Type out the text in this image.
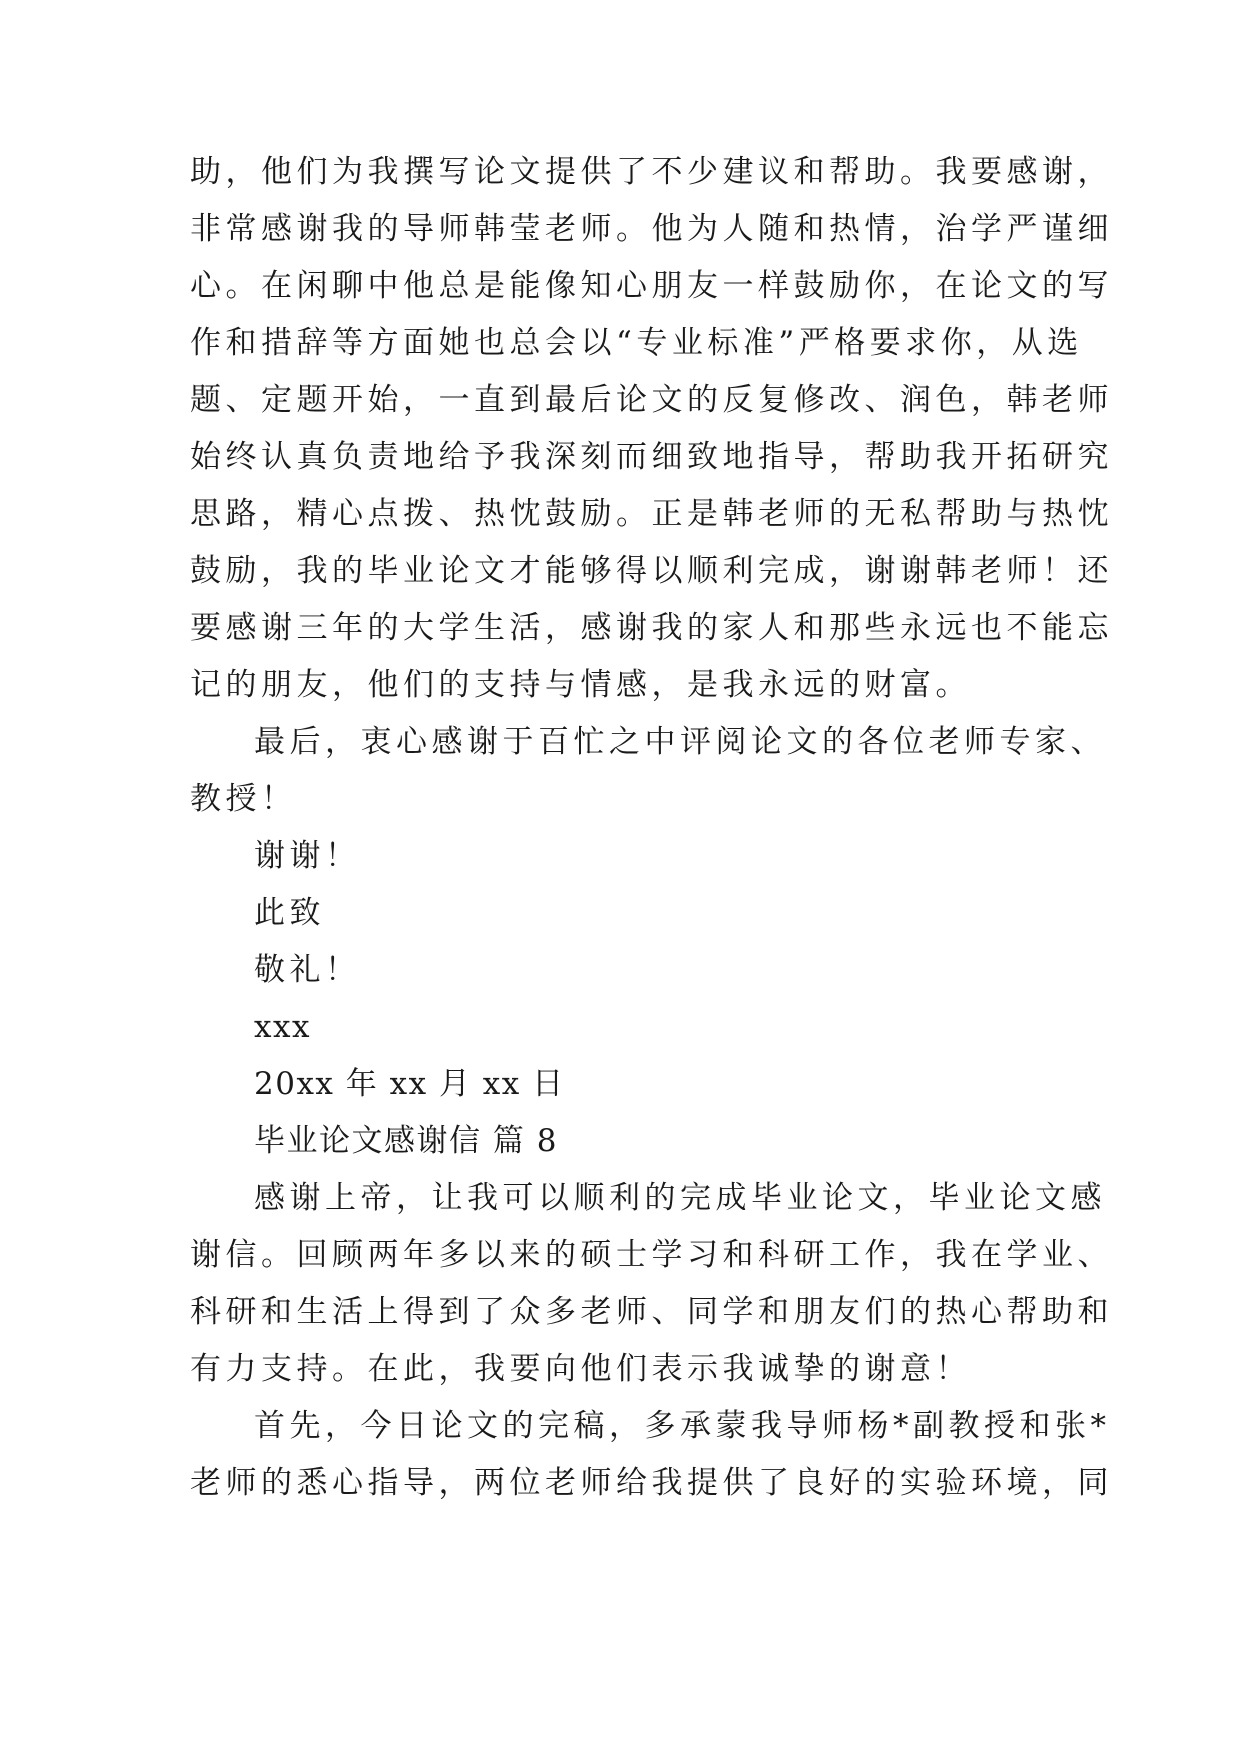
助，他们为我撰写论文提供了不少建议和帮助。我要感谢，
非常感谢我的导师韩莹老师。他为人随和热情，治学严谨细
心。在闲聊中他总是能像知心朋友一样鼓励你，在论文的写
作和措辞等方面她也总会以“专业标准”严格要求你，从选
题、定题开始，一直到最后论文的反复修改、润色，韩老师
始终认真负责地给予我深刻而细致地指导，帮助我开拓研究
思路，精心点拨、热忱鼓励。正是韩老师的无私帮助与热忱
鼓励，我的毕业论文才能够得以顺利完成，谢谢韩老师！还
要感谢三年的大学生活，感谢我的家人和那些永远也不能忘
记的朋友，他们的支持与情感，是我永远的财富。
最后，衷心感谢于百忙之中评阅论文的各位老师专家、
教授！
谢谢！
此致
敬礼！
xxx
20xx 年 xx 月 xx 日
毕业论文感谢信 篇 8
感谢上帝，让我可以顺利的完成毕业论文，毕业论文感
谢信。回顾两年多以来的硕士学习和科研工作，我在学业、
科研和生活上得到了众多老师、同学和朋友们的热心帮助和
有力支持。在此，我要向他们表示我诚挚的谢意！
首先，今日论文的完稿，多承蒙我导师杨*副教授和张*
老师的悉心指导，两位老师给我提供了良好的实验环境，同
